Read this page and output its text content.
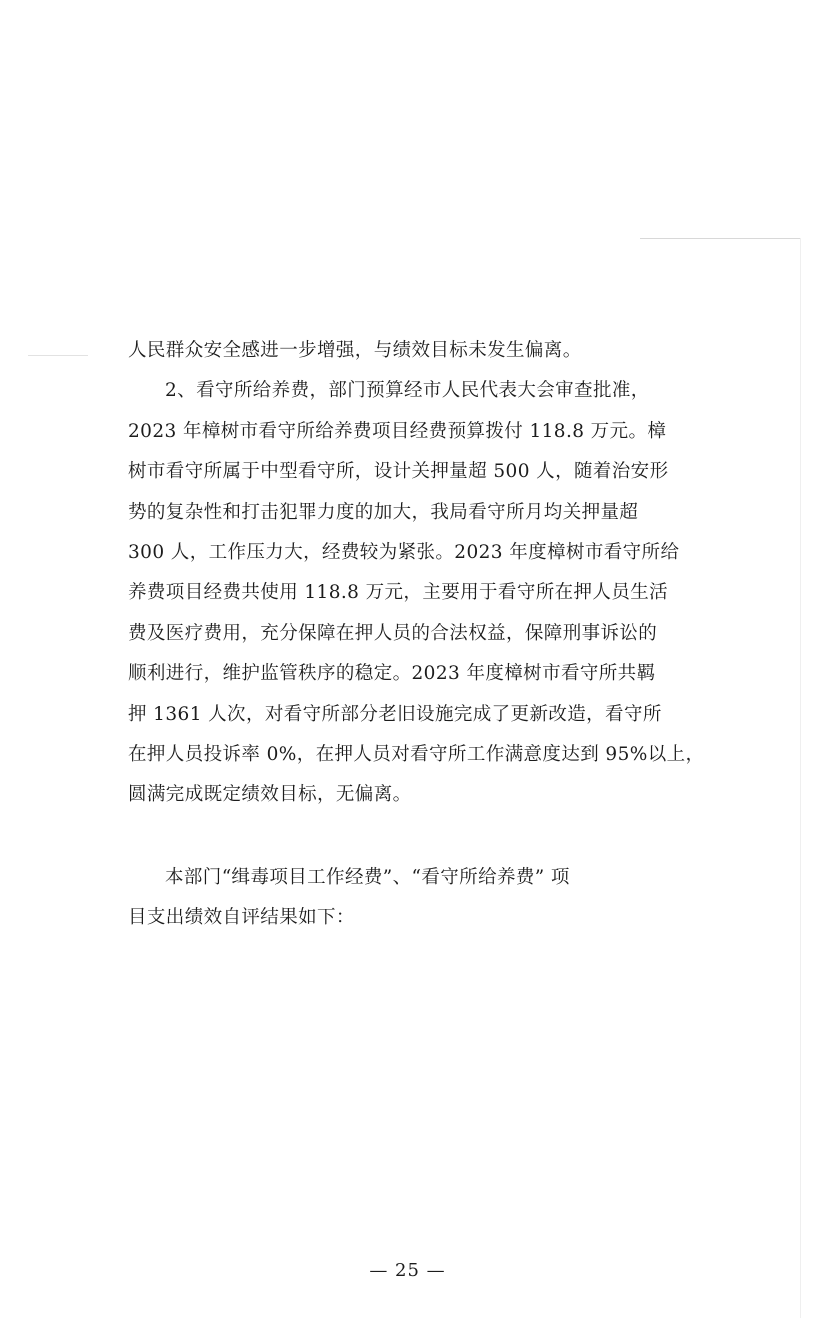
人民群众安全感进一步增强，与绩效目标未发生偏离。
2、看守所给养费，部门预算经市人民代表大会审查批准，
2023 年樟树市看守所给养费项目经费预算拨付 118.8 万元。樟
树市看守所属于中型看守所，设计关押量超 500 人，随着治安形
势的复杂性和打击犯罪力度的加大，我局看守所月均关押量超
300 人，工作压力大，经费较为紧张。2023 年度樟树市看守所给
养费项目经费共使用 118.8 万元，主要用于看守所在押人员生活
费及医疗费用，充分保障在押人员的合法权益，保障刑事诉讼的
顺利进行，维护监管秩序的稳定。2023 年度樟树市看守所共羁
押 1361 人次，对看守所部分老旧设施完成了更新改造，看守所
在押人员投诉率 0%，在押人员对看守所工作满意度达到 95%以上，
圆满完成既定绩效目标，无偏离。
本部门“缉毒项目工作经费”、“看守所给养费” 项
目支出绩效自评结果如下：
— 25 —
